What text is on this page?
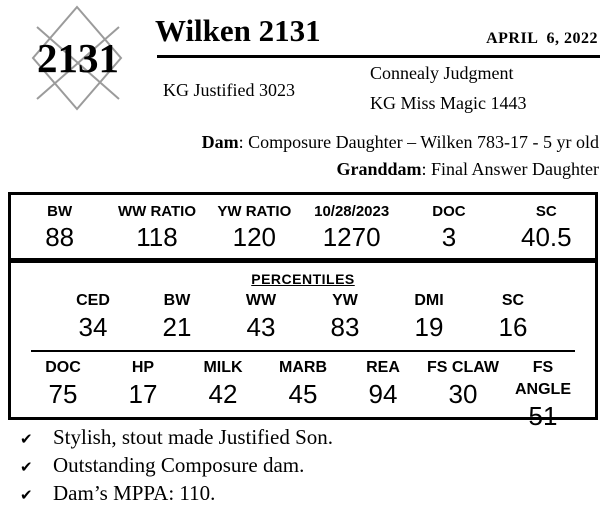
2131
Wilken 2131	APRIL  6, 2022
KG Justified 3023
Connealy Judgment
KG Miss Magic 1443
Dam: Composure Daughter – Wilken 783-17 - 5 yr old
Granddam: Final Answer Daughter
BW
88
WW RATIO
118
YW RATIO
120
10/28/2023
1270
DOC
3
SC
40.5
PERCENTILES
CED
34
BW
21
WW
43
YW
83
DMI
19
SC
16
DOC
75
HP
17
MILK
42
MARB
45
REA
94
FS CLAW
30
FS ANGLE
51
✔ Stylish, stout made Justified Son.
✔ Outstanding Composure dam.
✔ Dam’s MPPA: 110.
